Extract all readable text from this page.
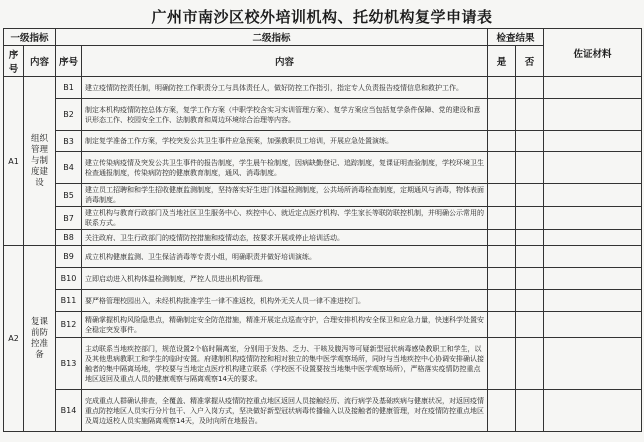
广州市南沙区校外培训机构、托幼机构复学申请表
一级指标		二级指标		检查结果		佐证材料
序号	内容	序号	内容	是	否	
A1	组织管理与制度建设	B1	建立疫情防控责任制，明确防控工作职责分工与具体责任人，做好防控工作指引，指定专人负责报告疫情信息和救护工作。			
		B2	制定本机构疫情防控总体方案，复学工作方案（中职学校含实习实训管理方案）、复学方案应当包括复学条件保障、党的建设和意识形态工作、校园安全工作、法制教育和周边环境综合治理等内容。			
		B3	制定复学准备工作方案，学校突发公共卫生事件应急预案，加强教职员工培训，开展应急处置演练。			
		B4	建立传染病疫情及突发公共卫生事件的报告制度，学生晨午检制度，因病缺勤登记、追踪制度，复课证明查验制度，学校环境卫生检查通报制度，传染病防控的健康教育制度，通风、消毒制度。			
		B5	建立员工招聘和和学生招收健康监测制度，坚持落实好生进门体温检测制度，公共场所消毒检查制度，定期通风与消毒，物体表面消毒制度。			
		B7	建立机构与教育行政部门及当地社区卫生服务中心、疾控中心、就近定点医疗机构、学生家长等联防联控机制，并明确公示常用的联系方式。			
		B8	关注政府、卫生行政部门的疫情防控措施和疫情动态，按要求开展或停止培训活动。			
A2	复课前防控准备	B9	成立机构健康监测、卫生保洁消毒等专责小组，明确职责并做好培训演练。			
		B10	立即启动进入机构体温检测制度，严控人员进出机构管理。			
		B11	要严格管理校园出入，未经机构批准学生一律不准返校，机构外无关人员一律不准进校门。			
		B12	精确掌握机构风险隐患点，精确制定安全防范措施，精准开展定点巡查守护，合理安排机构安全保卫和应急力量，快速科学处置安全稳定突发事件。			
		B13	主动联系当地疾控部门，规范设置2个临时隔离室，分别用于发热、乏力、干咳及腹泻等可疑新型冠状病毒感染教职工和学生，以及其他患病教职工和学生的临时安置。府建制机构疫情防控和相对独立的集中医学观察场所，同时与当地疾控中心协调安排确认接触者的集中隔离场地，学校要与当地定点医疗机构建立联系（学校医不设置要按当地集中医学观察场所），严格落实疫情防控重点地区返回及重点人员的健康观察与隔离观察14天的要求。			
		B14	完成重点人群确认排查，全覆盖、精准掌握从疫情防控重点地区返回人员接触经历、流行病学及基础疾病与健康状况，对返回疫情重点防控地区人员实行分片包干、入户入岗方式，坚决做好新型冠状病毒传播输入以及接触者的健康管理，对在疫情防控重点地区及周边返校人员实施隔离观察14天，及时向所在地报告。			
